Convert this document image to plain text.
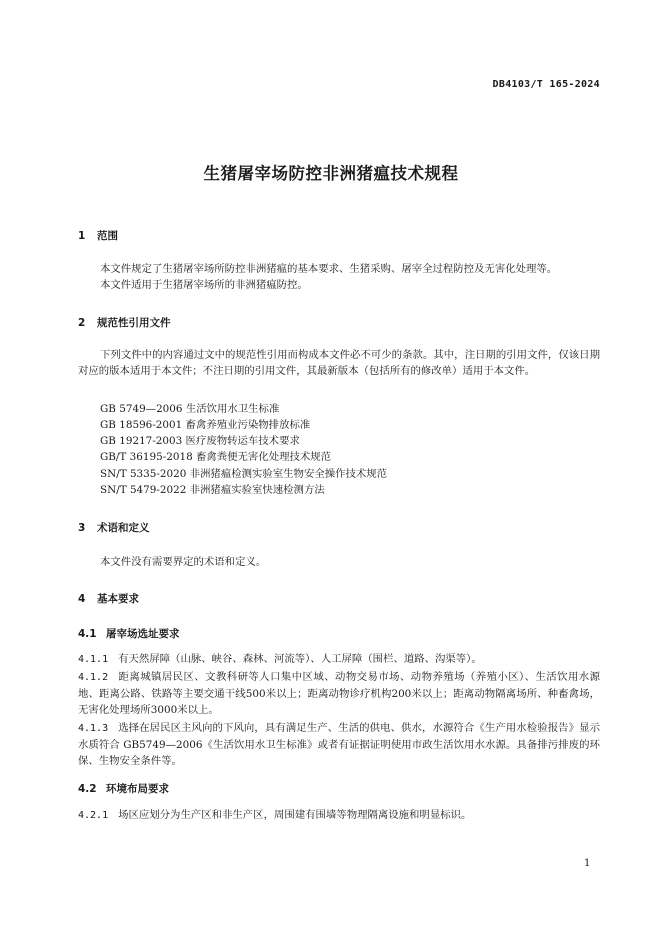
DB4103/T 165-2024
生猪屠宰场防控非洲猪瘟技术规程
1 范围
本文件规定了生猪屠宰场所防控非洲猪瘟的基本要求、生猪采购、屠宰全过程防控及无害化处理等。
本文件适用于生猪屠宰场所的非洲猪瘟防控。
2 规范性引用文件
下列文件中的内容通过文中的规范性引用而构成本文件必不可少的条款。其中，注日期的引用文件，仅该日期对应的版本适用于本文件；不注日期的引用文件，其最新版本（包括所有的修改单）适用于本文件。
GB 5749—2006 生活饮用水卫生标准
GB 18596-2001 畜禽养殖业污染物排放标准
GB 19217-2003 医疗废物转运车技术要求
GB/T 36195-2018 畜禽粪便无害化处理技术规范
SN/T 5335-2020 非洲猪瘟检测实验室生物安全操作技术规范
SN/T 5479-2022 非洲猪瘟实验室快速检测方法
3 术语和定义
本文件没有需要界定的术语和定义。
4 基本要求
4.1 屠宰场选址要求
4.1.1 有天然屏障（山脉、峡谷、森林、河流等）、人工屏障（围栏、道路、沟渠等）。
4.1.2 距离城镇居民区、文教科研等人口集中区域、动物交易市场、动物养殖场（养殖小区）、生活饮用水源地、距离公路、铁路等主要交通干线500米以上；距离动物诊疗机构200米以上；距离动物隔离场所、种畜禽场，无害化处理场所3000米以上。
4.1.3 选择在居民区主风向的下风向，具有满足生产、生活的供电、供水，水源符合《生产用水检验报告》显示水质符合 GB5749—2006《生活饮用水卫生标准》或者有证据证明使用市政生活饮用水水源。具备排污排废的环保、生物安全条件等。
4.2 环境布局要求
4.2.1 场区应划分为生产区和非生产区，周围建有围墙等物理隔离设施和明显标识。
1
